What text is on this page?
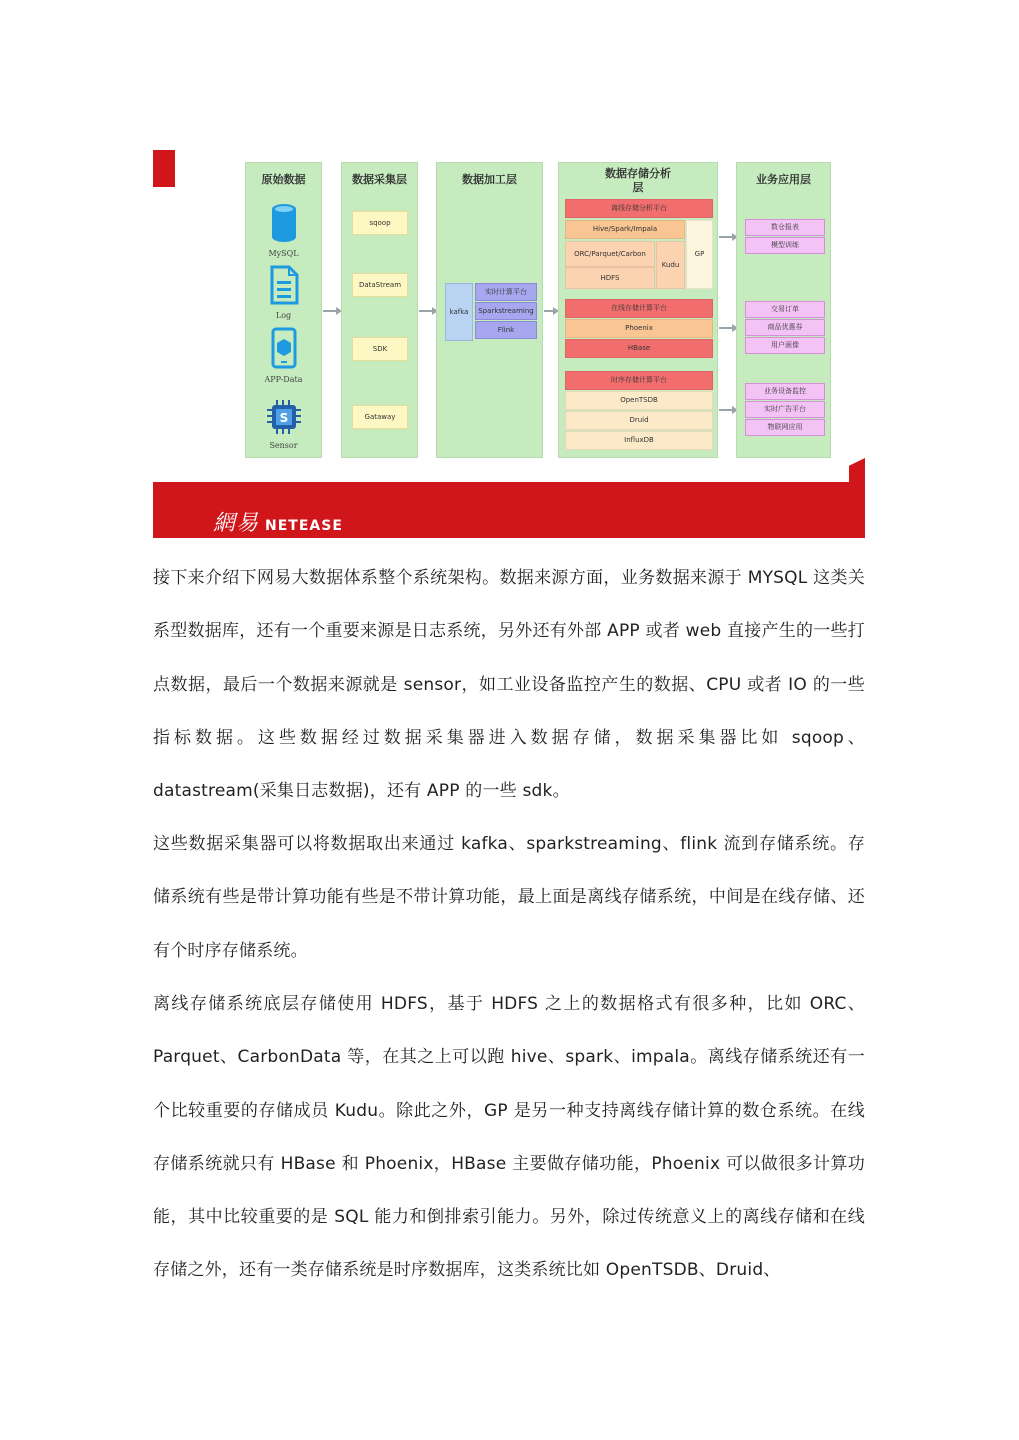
原始数据
MySQL
Log
APP-Data
S
Sensor
数据采集层
sqoop
DataStream
SDK
Gataway
数据加工层
kafka
实时计算平台
Sparkstreaming
Flink
数据存储分析
层
离线存储分析平台
Hive/Spark/Impala
ORC/Parquet/Carbon
HDFS
Kudu
GP
在线存储计算平台
Phoenix
HBase
时序存储计算平台
OpenTSDB
Druid
InfluxDB
业务应用层
数仓报表
模型训练
交易订单
商品优惠券
用户画像
业务设备监控
实时广告平台
物联网应用
網易 NETEASE
接下来介绍下网易大数据体系整个系统架构。数据来源方面，业务数据来源于 MYSQL 这类关系型数据库，还有一个重要来源是日志系统，另外还有外部 APP 或者 web 直接产生的一些打点数据，最后一个数据来源就是 sensor，如工业设备监控产生的数据、CPU 或者 IO 的一些指标数据。这些数据经过数据采集器进入数据存储，数据采集器比如 sqoop、datastream(采集日志数据)，还有 APP 的一些 sdk。
这些数据采集器可以将数据取出来通过 kafka、sparkstreaming、flink 流到存储系统。存储系统有些是带计算功能有些是不带计算功能，最上面是离线存储系统，中间是在线存储、还有个时序存储系统。
离线存储系统底层存储使用 HDFS，基于 HDFS 之上的数据格式有很多种，比如 ORC、Parquet、CarbonData 等，在其之上可以跑 hive、spark、impala。离线存储系统还有一个比较重要的存储成员 Kudu。除此之外，GP 是另一种支持离线存储计算的数仓系统。在线存储系统就只有 HBase 和 Phoenix，HBase 主要做存储功能，Phoenix 可以做很多计算功能，其中比较重要的是 SQL 能力和倒排索引能力。另外，除过传统意义上的离线存储和在线存储之外，还有一类存储系统是时序数据库，这类系统比如 OpenTSDB、Druid、
